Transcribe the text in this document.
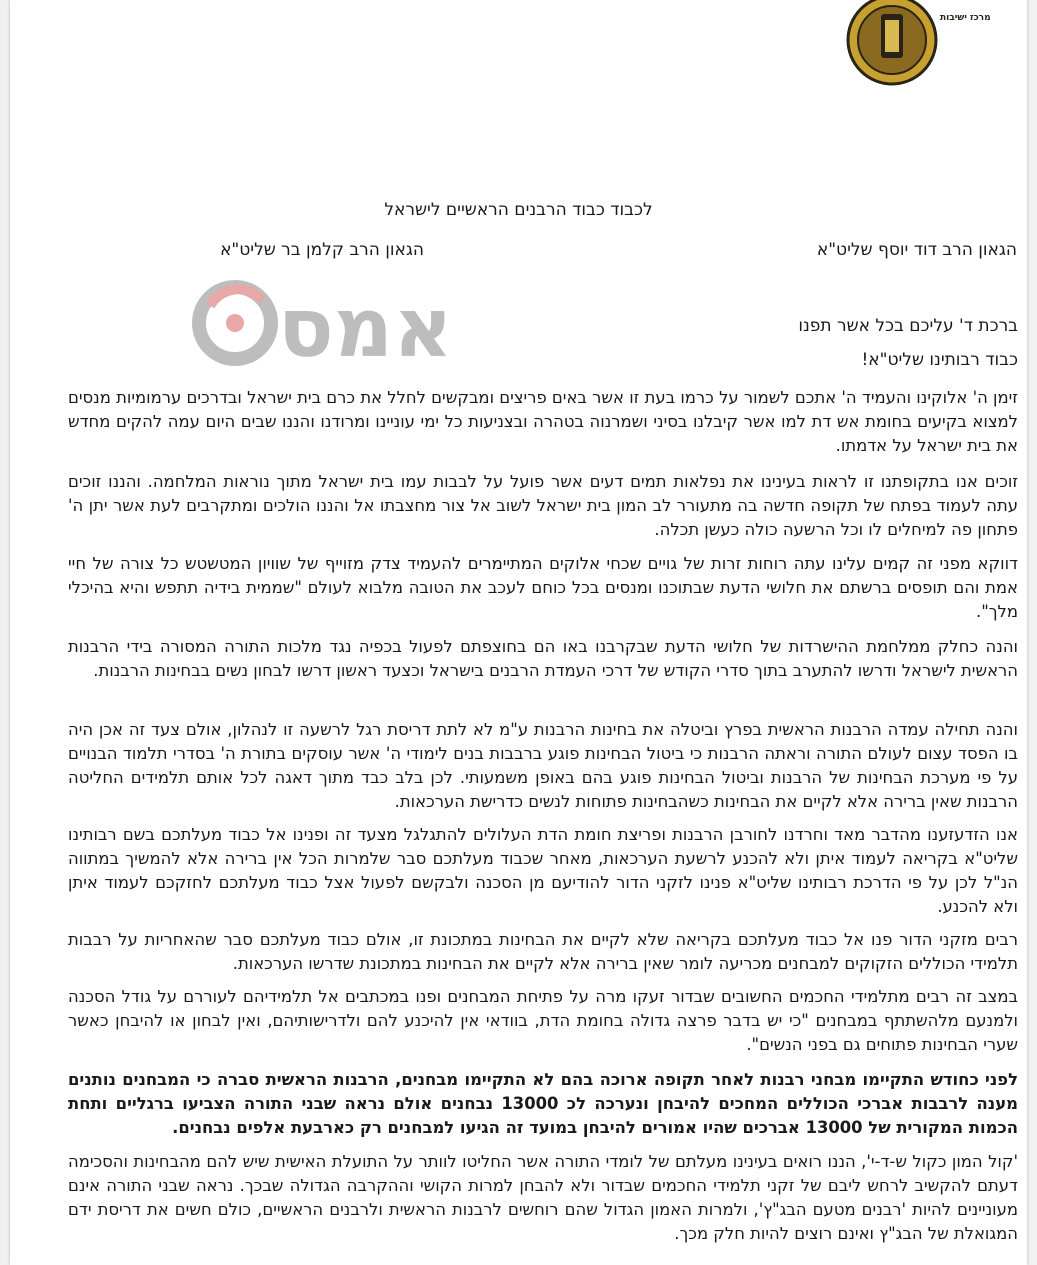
מרכז ישיבות
אמס
לכבוד כבוד הרבנים הראשיים לישראל
הגאון הרב דוד יוסף שליט"א
הגאון הרב קלמן בר שליט"א
ברכת ד' עליכם בכל אשר תפנו
כבוד רבותינו שליט"א!
זימן ה' אלוקינו והעמיד ה' אתכם לשמור על כרמו בעת זו אשר באים פריצים ומבקשים לחלל את כרם בית ישראל ובדרכים ערמומיות מנסים למצוא בקיעים בחומת אש דת למו אשר קיבלנו בסיני ושמרנוה בטהרה ובצניעות כל ימי עוניינו ומרודנו והננו שבים היום עמה להקים מחדש את בית ישראל על אדמתו.
זוכים אנו בתקופתנו זו לראות בעינינו את נפלאות תמים דעים אשר פועל על לבבות עמו בית ישראל מתוך נוראות המלחמה. והננו זוכים עתה לעמוד בפתח של תקופה חדשה בה מתעורר לב המון בית ישראל לשוב אל צור מחצבתו אל והננו הולכים ומתקרבים לעת אשר יתן ה' פתחון פה למיחלים לו וכל הרשעה כולה כעשן תכלה.
דווקא מפני זה קמים עלינו עתה רוחות זרות של גויים שכחי אלוקים המתיימרים להעמיד צדק מזוייף של שוויון המטשטש כל צורה של חיי אמת והם תופסים ברשתם את חלושי הדעת שבתוכנו ומנסים בכל כוחם לעכב את הטובה מלבוא לעולם "שממית בידיה תתפש והיא בהיכלי מלך".
והנה כחלק ממלחמת ההישרדות של חלושי הדעת שבקרבנו באו הם בחוצפתם לפעול בכפיה נגד מלכות התורה המסורה בידי הרבנות הראשית לישראל ודרשו להתערב בתוך סדרי הקודש של דרכי העמדת הרבנים בישראל וכצעד ראשון דרשו לבחון נשים בבחינות הרבנות.
והנה תחילה עמדה הרבנות הראשית בפרץ וביטלה את בחינות הרבנות ע"מ לא לתת דריסת רגל לרשעה זו לנהלון, אולם צעד זה אכן היה בו הפסד עצום לעולם התורה וראתה הרבנות כי ביטול הבחינות פוגע ברבבות בנים לימודי ה' אשר עוסקים בתורת ה' בסדרי תלמוד הבנויים על פי מערכת הבחינות של הרבנות וביטול הבחינות פוגע בהם באופן משמעותי. לכן בלב כבד מתוך דאגה לכל אותם תלמידים החליטה הרבנות שאין ברירה אלא לקיים את הבחינות כשהבחינות פתוחות לנשים כדרישת הערכאות.
אנו הזדעזענו מהדבר מאד וחרדנו לחורבן הרבנות ופריצת חומת הדת העלולים להתגלגל מצעד זה ופנינו אל כבוד מעלתכם בשם רבותינו שליט"א בקריאה לעמוד איתן ולא להכנע לרשעת הערכאות, מאחר שכבוד מעלתכם סבר שלמרות הכל אין ברירה אלא להמשיך במתווה הנ"ל לכן על פי הדרכת רבותינו שליט"א פנינו לזקני הדור להודיעם מן הסכנה ולבקשם לפעול אצל כבוד מעלתכם לחזקכם לעמוד איתן ולא להכנע.
רבים מזקני הדור פנו אל כבוד מעלתכם בקריאה שלא לקיים את הבחינות במתכונת זו, אולם כבוד מעלתכם סבר שהאחריות על רבבות תלמידי הכוללים הזקוקים למבחנים מכריעה לומר שאין ברירה אלא לקיים את הבחינות במתכונת שדרשו הערכאות.
במצב זה רבים מתלמידי החכמים החשובים שבדור זעקו מרה על פתיחת המבחנים ופנו במכתבים אל תלמידיהם לעוררם על גודל הסכנה ולמנעם מלהשתתף במבחנים "כי יש בדבר פרצה גדולה בחומת הדת, בוודאי אין להיכנע להם ולדרישותיהם, ואין לבחון או להיבחן כאשר שערי הבחינות פתוחים גם בפני הנשים".
לפני כחודש התקיימו מבחני רבנות לאחר תקופה ארוכה בהם לא התקיימו מבחנים, הרבנות הראשית סברה כי המבחנים נותנים מענה לרבבות אברכי הכוללים המחכים להיבחן ונערכה לכ 13000 נבחנים אולם נראה שבני התורה הצביעו ברגליים ותחת הכמות המקורית של 13000 אברכים שהיו אמורים להיבחן במועד זה הגיעו למבחנים רק כארבעת אלפים נבחנים.
'קול המון כקול ש-ד-י', הננו רואים בעינינו מעלתם של לומדי התורה אשר החליטו לוותר על התועלת האישית שיש להם מהבחינות והסכימה דעתם להקשיב לרחש ליבם של זקני תלמידי החכמים שבדור ולא להבחן למרות הקושי וההקרבה הגדולה שבכך. נראה שבני התורה אינם מעוניינים להיות 'רבנים מטעם הבג"ץ', ולמרות האמון הגדול שהם רוחשים לרבנות הראשית ולרבנים הראשיים, כולם חשים את דריסת ידם המגואלת של הבג"ץ ואינם רוצים להיות חלק מכך.
